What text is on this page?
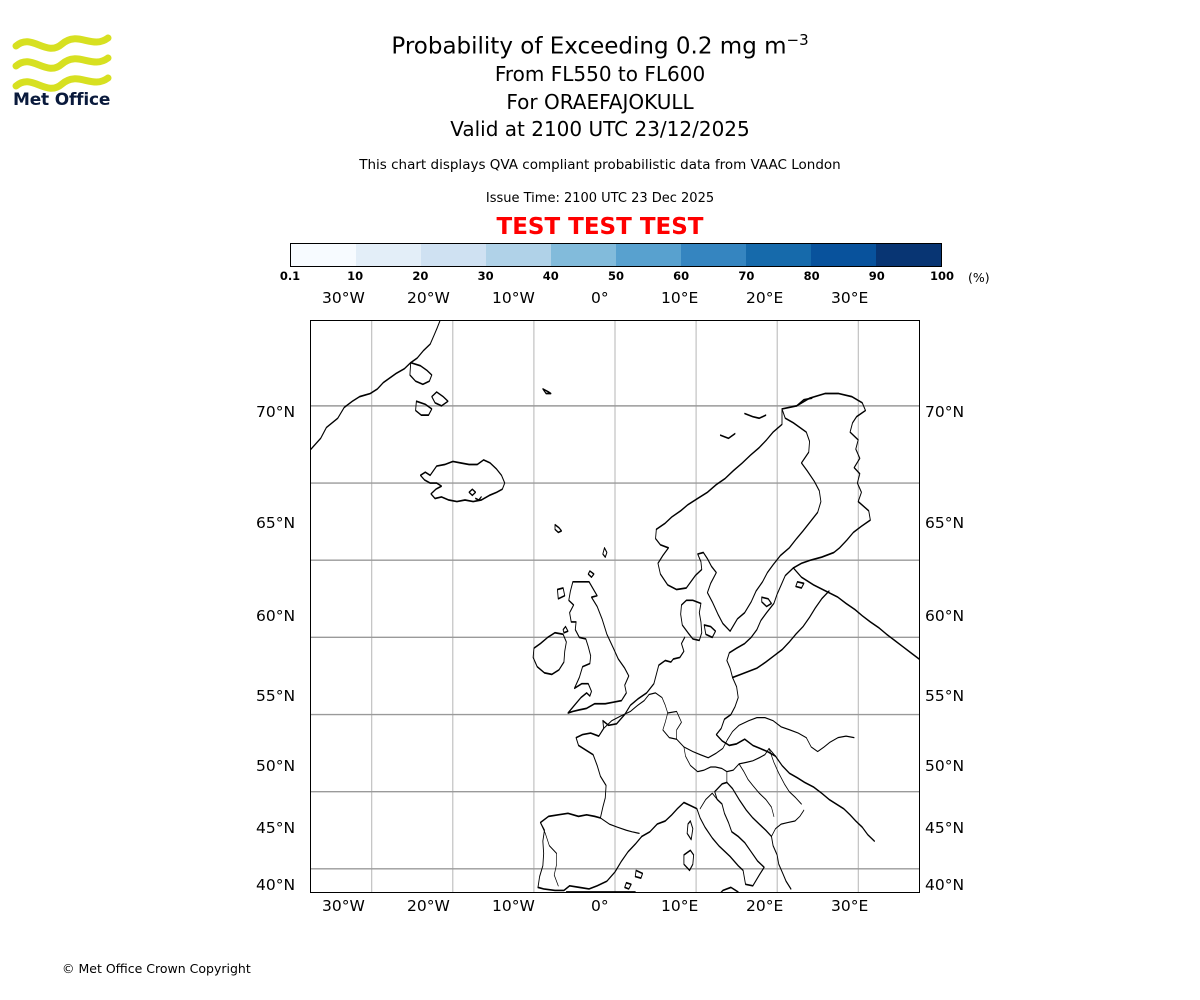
Met Office
Probability of Exceeding 0.2 mg $m^{-3}$
From FL550 to FL600
For ORAEFAJOKULL
Valid at 2100 UTC 23/12/2025
This chart displays QVA compliant probabilistic data from VAAC London
Issue Time: 2100 UTC 23 Dec 2025
TEST TEST TEST
0.1	10	20	30	40	50	60	70	80	90	100 (%)
30°W	20°W	10°W	0°	10°E	20°E	30°E
30°W	20°W	10°W	0°	10°E	20°E	30°E
70°N
65°N
60°N
55°N
50°N
45°N
40°N
70°N
65°N
60°N
55°N
50°N
45°N
40°N
© Met Office Crown Copyright
